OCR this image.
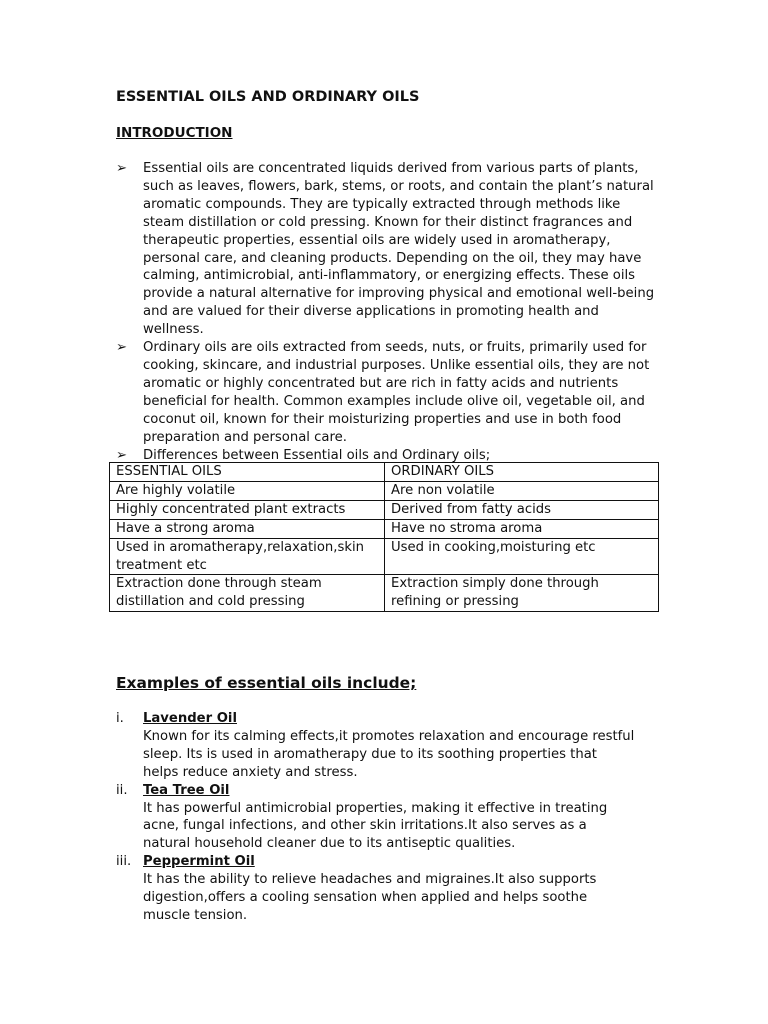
ESSENTIAL OILS AND ORDINARY OILS
INTRODUCTION
➢	Essential oils are concentrated liquids derived from various parts of plants, such as leaves, flowers, bark, stems, or roots, and contain the plant’s natural aromatic compounds. They are typically extracted through methods like steam distillation or cold pressing. Known for their distinct fragrances and therapeutic properties, essential oils are widely used in aromatherapy, personal care, and cleaning products. Depending on the oil, they may have calming, antimicrobial, anti-inflammatory, or energizing effects. These oils provide a natural alternative for improving physical and emotional well-being and are valued for their diverse applications in promoting health and wellness.
➢	Ordinary oils are oils extracted from seeds, nuts, or fruits, primarily used for cooking, skincare, and industrial purposes. Unlike essential oils, they are not aromatic or highly concentrated but are rich in fatty acids and nutrients beneficial for health. Common examples include olive oil, vegetable oil, and coconut oil, known for their moisturizing properties and use in both food preparation and personal care.
➢	Differences between Essential oils and Ordinary oils;
ESSENTIAL OILS	ORDINARY OILS
Are highly volatile	Are non volatile
Highly concentrated plant extracts	Derived from fatty acids
Have a strong aroma	Have no stroma aroma
Used in aromatherapy,relaxation,skin treatment etc	Used in cooking,moisturing etc
Extraction done through steam distillation and cold pressing	Extraction simply done through refining or pressing
Examples of essential oils include;
i. Lavender Oil
Known for its calming effects,it promotes relaxation and encourage restful sleep. Its is used in aromatherapy due to its soothing properties that helps reduce anxiety and stress.
ii. Tea Tree Oil
It has powerful antimicrobial properties, making it effective in treating acne, fungal infections, and other skin irritations.It also serves as a natural household cleaner due to its antiseptic qualities.
iii. Peppermint Oil
It has the ability to relieve headaches and migraines.It also supports digestion,offers a cooling sensation when applied and helps soothe muscle tension.
